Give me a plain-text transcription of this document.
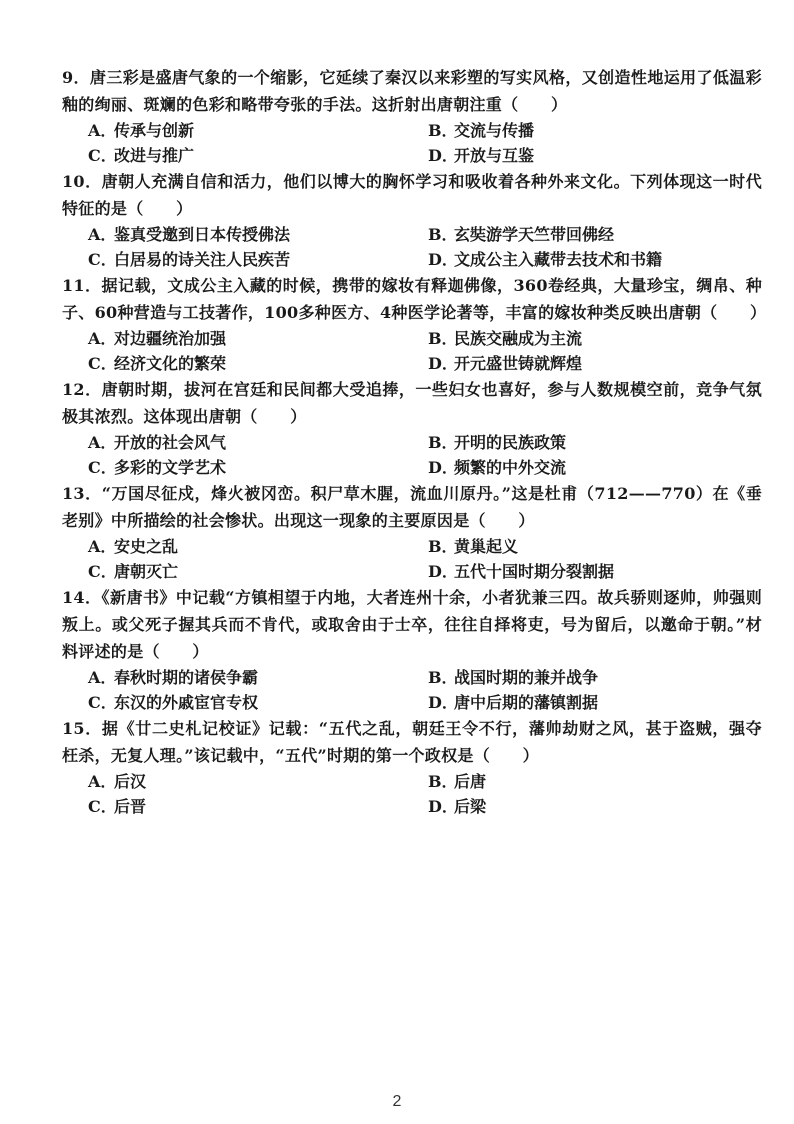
9．唐三彩是盛唐气象的一个缩影，它延续了秦汉以来彩塑的写实风格，又创造性地运用了低温彩釉的绚丽、斑斓的色彩和略带夸张的手法。这折射出唐朝注重（　　）

A．传承与创新	B．交流与传播
C．改进与推广	D．开放与互鉴

10．唐朝人充满自信和活力，他们以博大的胸怀学习和吸收着各种外来文化。下列体现这一时代特征的是（　　）

A．鉴真受邀到日本传授佛法	B．玄奘游学天竺带回佛经
C．白居易的诗关注人民疾苦	D．文成公主入藏带去技术和书籍

11．据记载，文成公主入藏的时候，携带的嫁妆有释迦佛像，360卷经典，大量珍宝，绸帛、种子、60种营造与工技著作，100多种医方、4种医学论著等，丰富的嫁妆种类反映出唐朝（　　）

A．对边疆统治加强	B．民族交融成为主流
C．经济文化的繁荣	D．开元盛世铸就辉煌

12．唐朝时期，拔河在宫廷和民间都大受追捧，一些妇女也喜好，参与人数规模空前，竞争气氛极其浓烈。这体现出唐朝（　　）

A．开放的社会风气	B．开明的民族政策
C．多彩的文学艺术	D．频繁的中外交流

13．“万国尽征戍，烽火被冈峦。积尸草木腥，流血川原丹。”这是杜甫（712——770）在《垂老别》中所描绘的社会惨状。出现这一现象的主要原因是（　　）

A．安史之乱	B．黄巢起义
C．唐朝灭亡	D．五代十国时期分裂割据

14．《新唐书》中记载“方镇相望于内地，大者连州十余，小者犹兼三四。故兵骄则逐帅，帅强则叛上。或父死子握其兵而不肯代，或取舍由于士卒，往往自择将吏，号为留后，以邀命于朝。”材料评述的是（　　）

A．春秋时期的诸侯争霸	B．战国时期的兼并战争
C．东汉的外戚宦官专权	D．唐中后期的藩镇割据

15．据《廿二史札记校证》记载：“五代之乱，朝廷王令不行，藩帅劫财之风，甚于盗贼，强夺枉杀，无复人理。”该记载中，“五代”时期的第一个政权是（　　）

A．后汉	B．后唐
C．后晋	D．后梁
2
